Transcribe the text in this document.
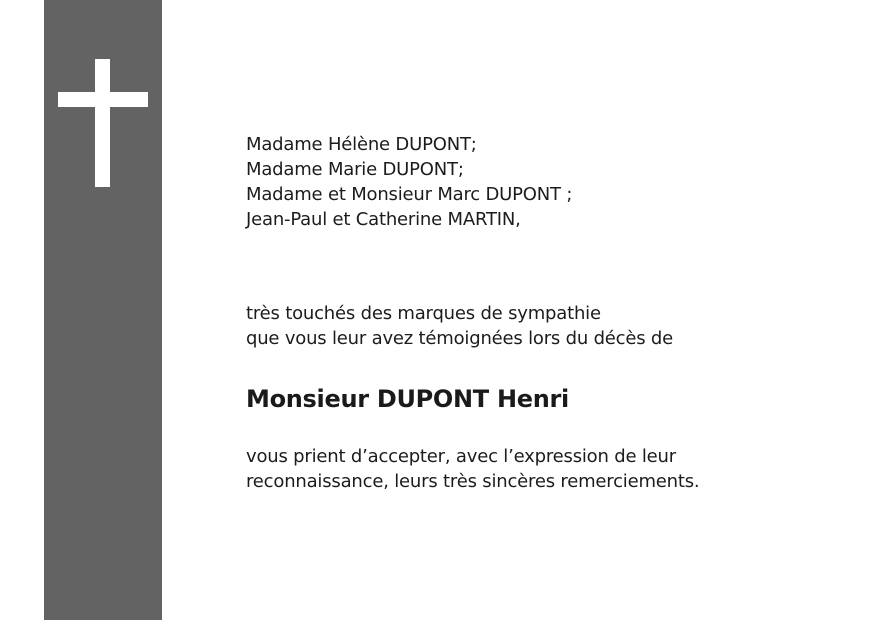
Madame Hélène DUPONT;
Madame Marie DUPONT;
Madame et Monsieur Marc DUPONT ;
Jean-Paul et Catherine MARTIN,
très touchés des marques de sympathie
que vous leur avez témoignées lors du décès de
Monsieur DUPONT Henri
vous prient d’accepter, avec l’expression de leur
reconnaissance, leurs très sincères remerciements.
